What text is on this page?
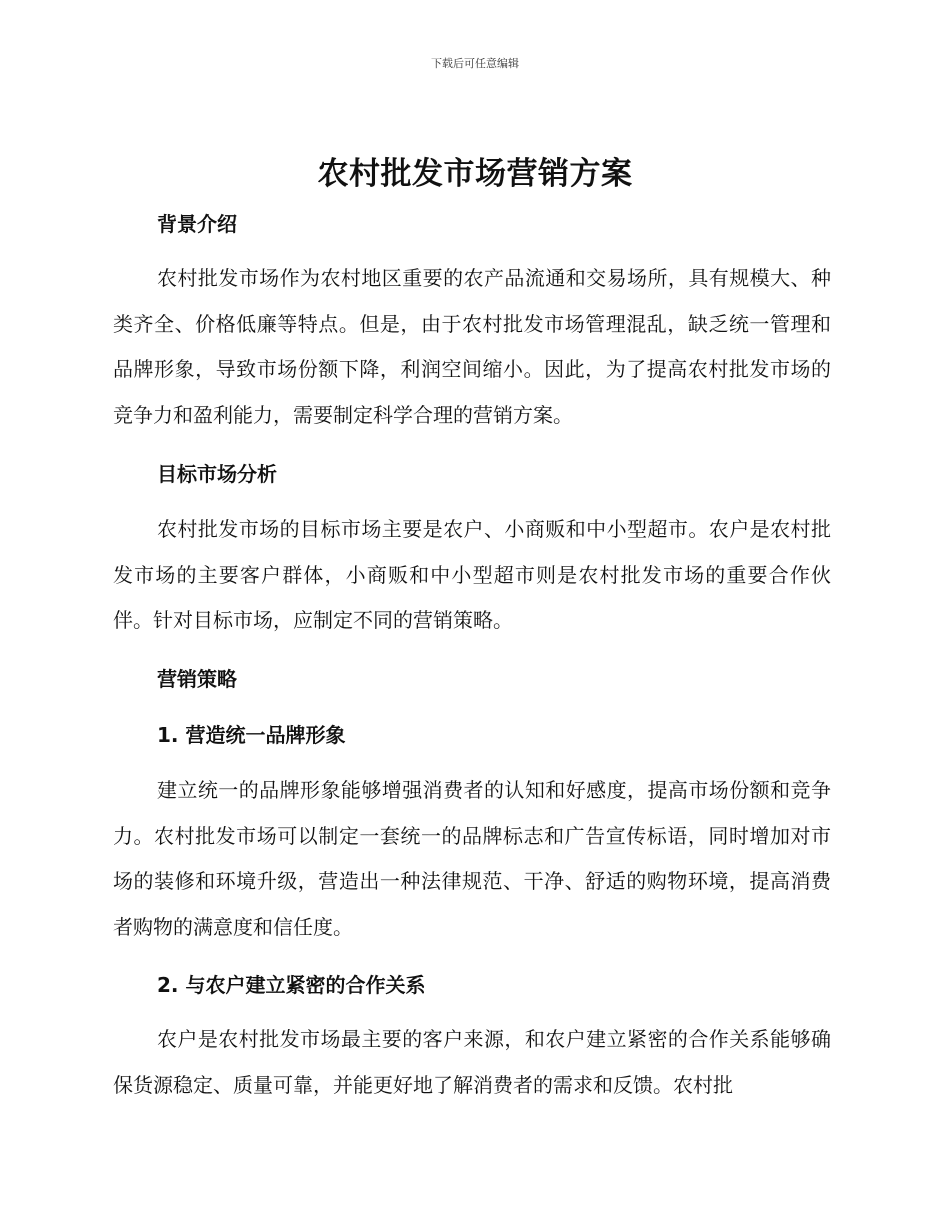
下载后可任意编辑
农村批发市场营销方案
背景介绍
农村批发市场作为农村地区重要的农产品流通和交易场所，具有规模大、种类齐全、价格低廉等特点。但是，由于农村批发市场管理混乱，缺乏统一管理和品牌形象，导致市场份额下降，利润空间缩小。因此，为了提高农村批发市场的竞争力和盈利能力，需要制定科学合理的营销方案。
目标市场分析
农村批发市场的目标市场主要是农户、小商贩和中小型超市。农户是农村批发市场的主要客户群体，小商贩和中小型超市则是农村批发市场的重要合作伙伴。针对目标市场，应制定不同的营销策略。
营销策略
1. 营造统一品牌形象
建立统一的品牌形象能够增强消费者的认知和好感度，提高市场份额和竞争力。农村批发市场可以制定一套统一的品牌标志和广告宣传标语，同时增加对市场的装修和环境升级，营造出一种法律规范、干净、舒适的购物环境，提高消费者购物的满意度和信任度。
2. 与农户建立紧密的合作关系
农户是农村批发市场最主要的客户来源，和农户建立紧密的合作关系能够确保货源稳定、质量可靠，并能更好地了解消费者的需求和反馈。农村批
